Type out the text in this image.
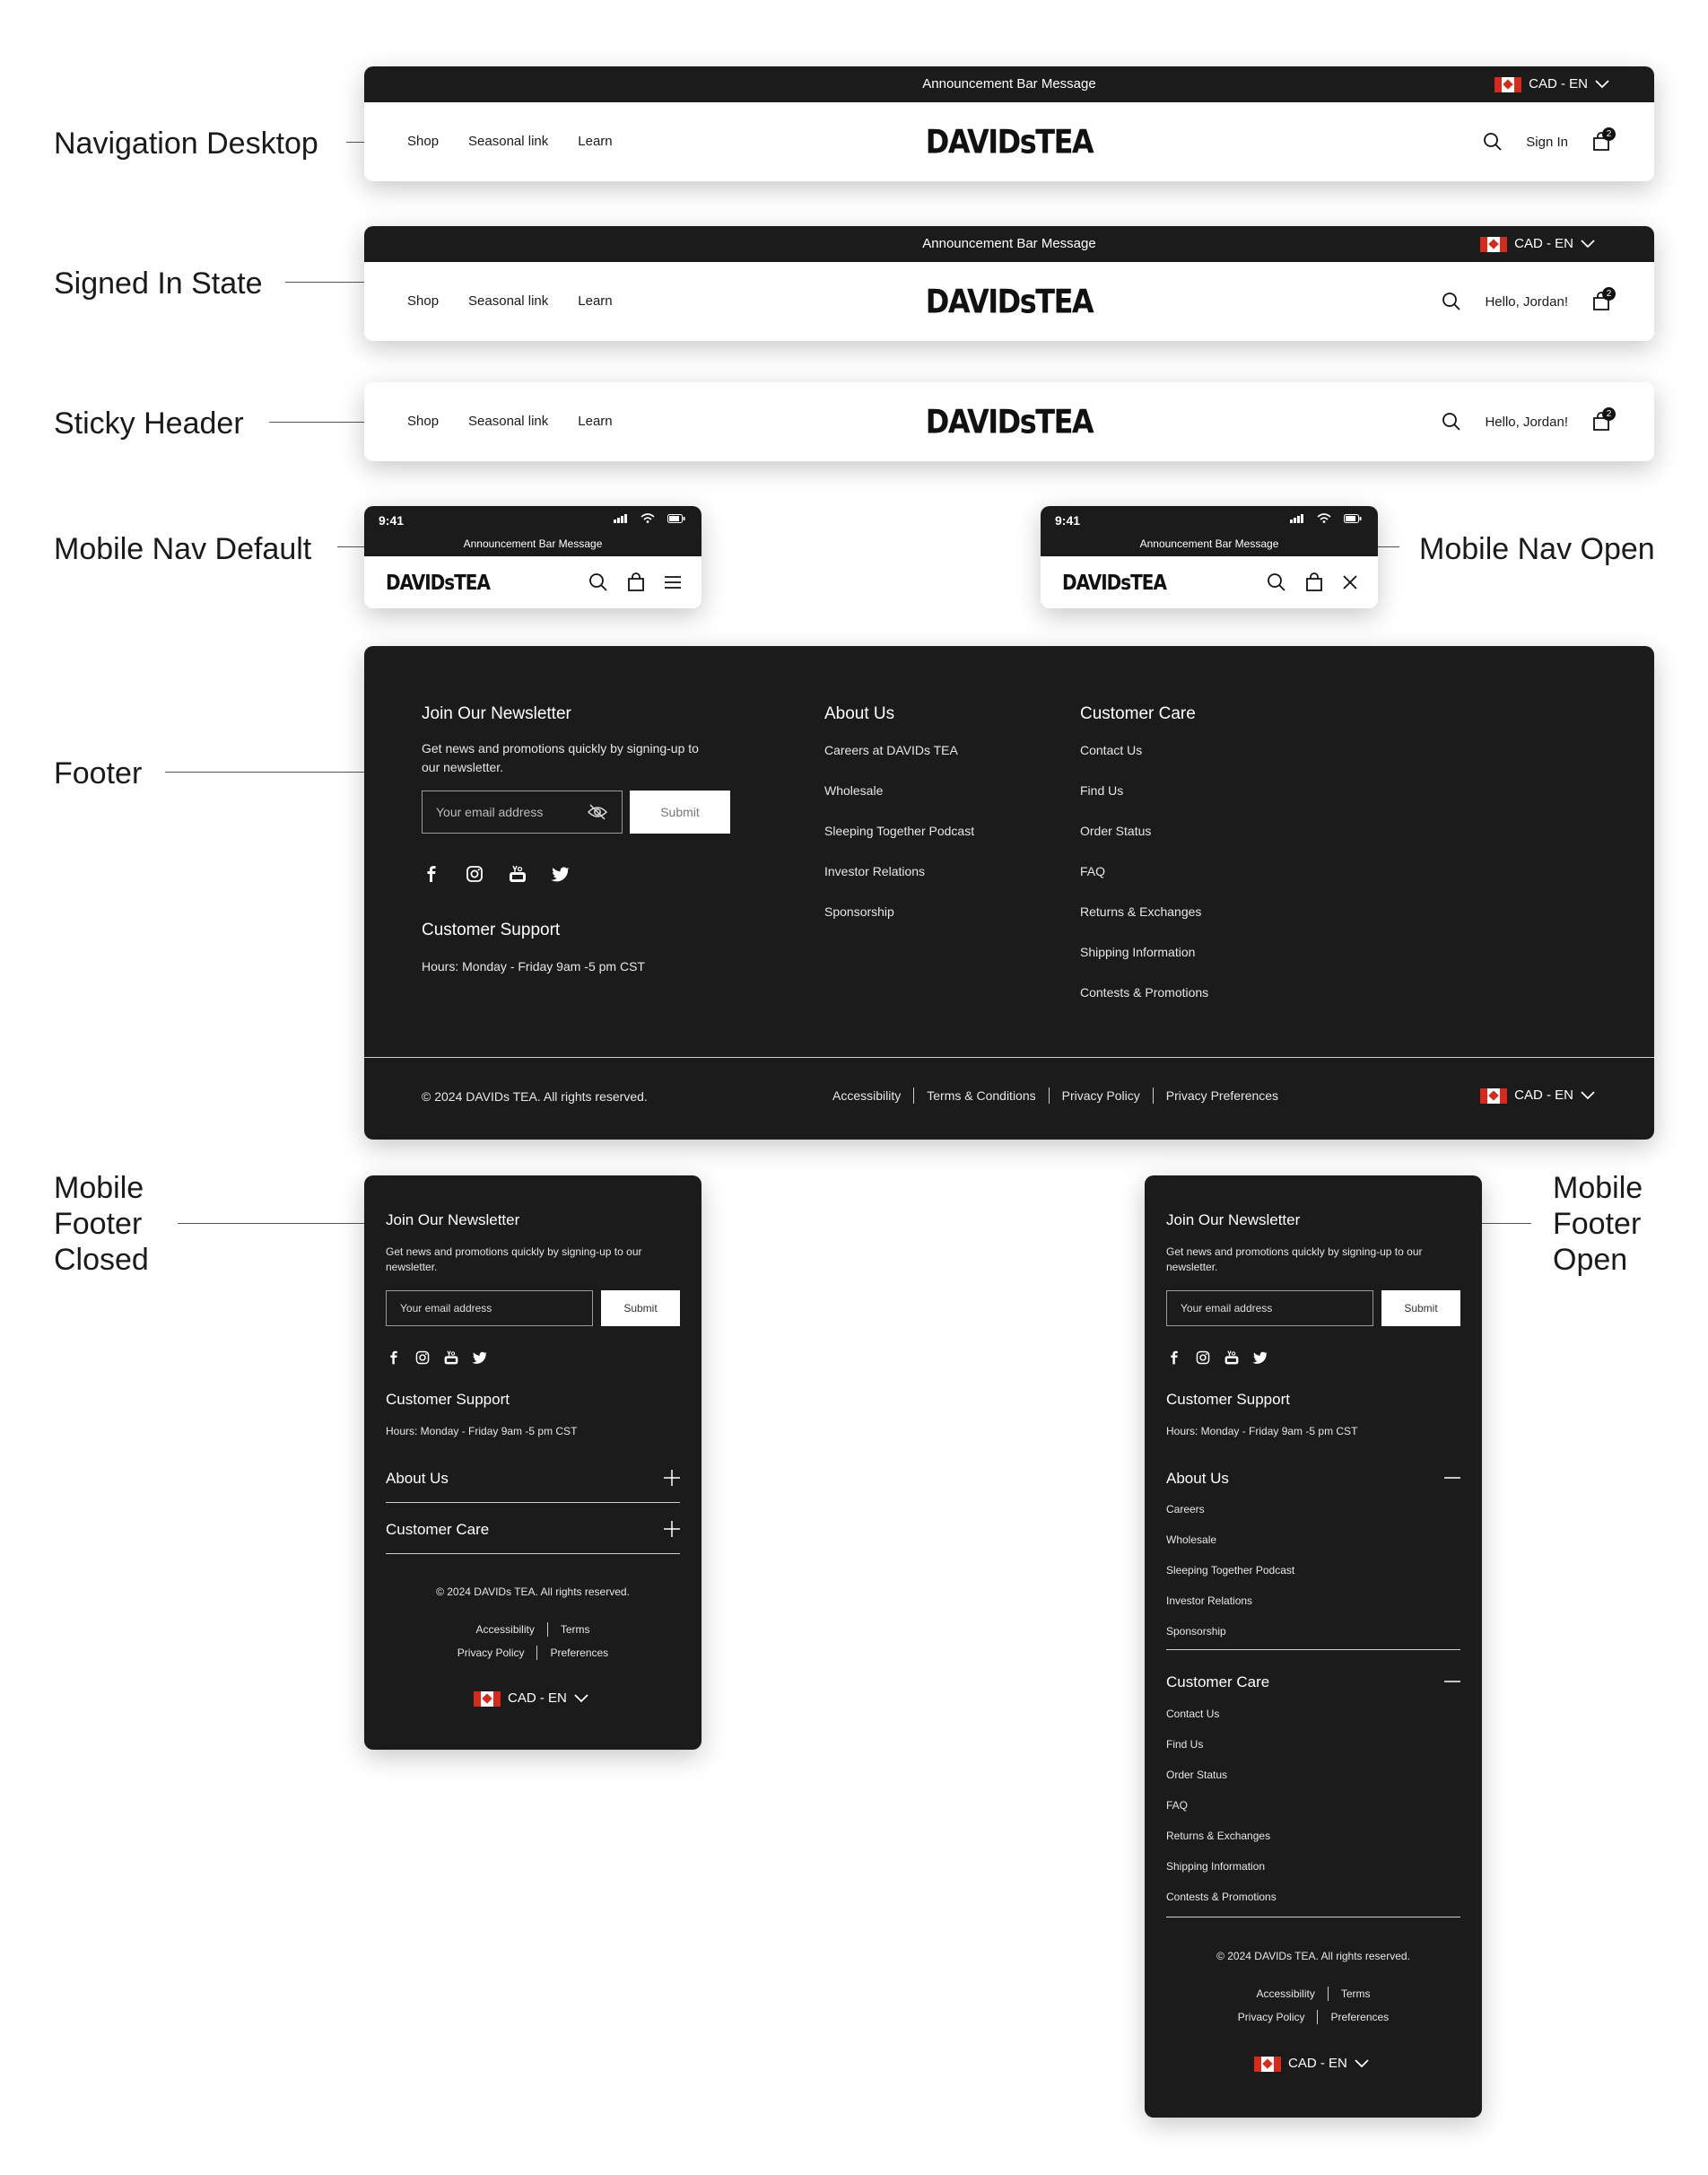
Navigation Desktop
Signed In State
Sticky Header
Mobile Nav Default	Mobile Nav Open
Footer
Mobile
Footer
Closed
Mobile
Footer
Open
Announcement Bar Message	CAD - EN
Shop Seasonal link Learn	DAVIDsTEA	Sign In	2
Announcement Bar Message	CAD - EN
Shop Seasonal link Learn	DAVIDsTEA	Hello, Jordan!	2
Shop Seasonal link Learn	DAVIDsTEA	Hello, Jordan!	2
9:41
Announcement Bar Message
DAVIDsTEA
9:41
Announcement Bar Message
DAVIDsTEA
Join Our Newsletter
Get news and promotions quickly by signing-up to
our newsletter.
Your email address	Submit
Customer Support
Hours: Monday - Friday 9am -5 pm CST
About Us
Careers at DAVIDs TEA
Wholesale
Sleeping Together Podcast
Investor Relations
Sponsorship
Customer Care
Contact Us
Find Us
Order Status
FAQ
Returns & Exchanges
Shipping Information
Contests & Promotions
© 2024 DAVIDs TEA. All rights reserved.	Accessibility Terms & Conditions Privacy Policy Privacy Preferences	CAD - EN
Join Our Newsletter
Get news and promotions quickly by signing-up to our
newsletter.
Your email address	Submit
Customer Support
Hours: Monday - Friday 9am -5 pm CST
About Us
Customer Care
© 2024 DAVIDs TEA. All rights reserved.
Accessibility Terms
Privacy Policy Preferences
CAD - EN
Join Our Newsletter
Get news and promotions quickly by signing-up to our
newsletter.
Your email address	Submit
Customer Support
Hours: Monday - Friday 9am -5 pm CST
About Us
Careers
Wholesale
Sleeping Together Podcast
Investor Relations
Sponsorship
Customer Care
Contact Us
Find Us
Order Status
FAQ
Returns & Exchanges
Shipping Information
Contests & Promotions
© 2024 DAVIDs TEA. All rights reserved.
Accessibility Terms
Privacy Policy Preferences
CAD - EN
